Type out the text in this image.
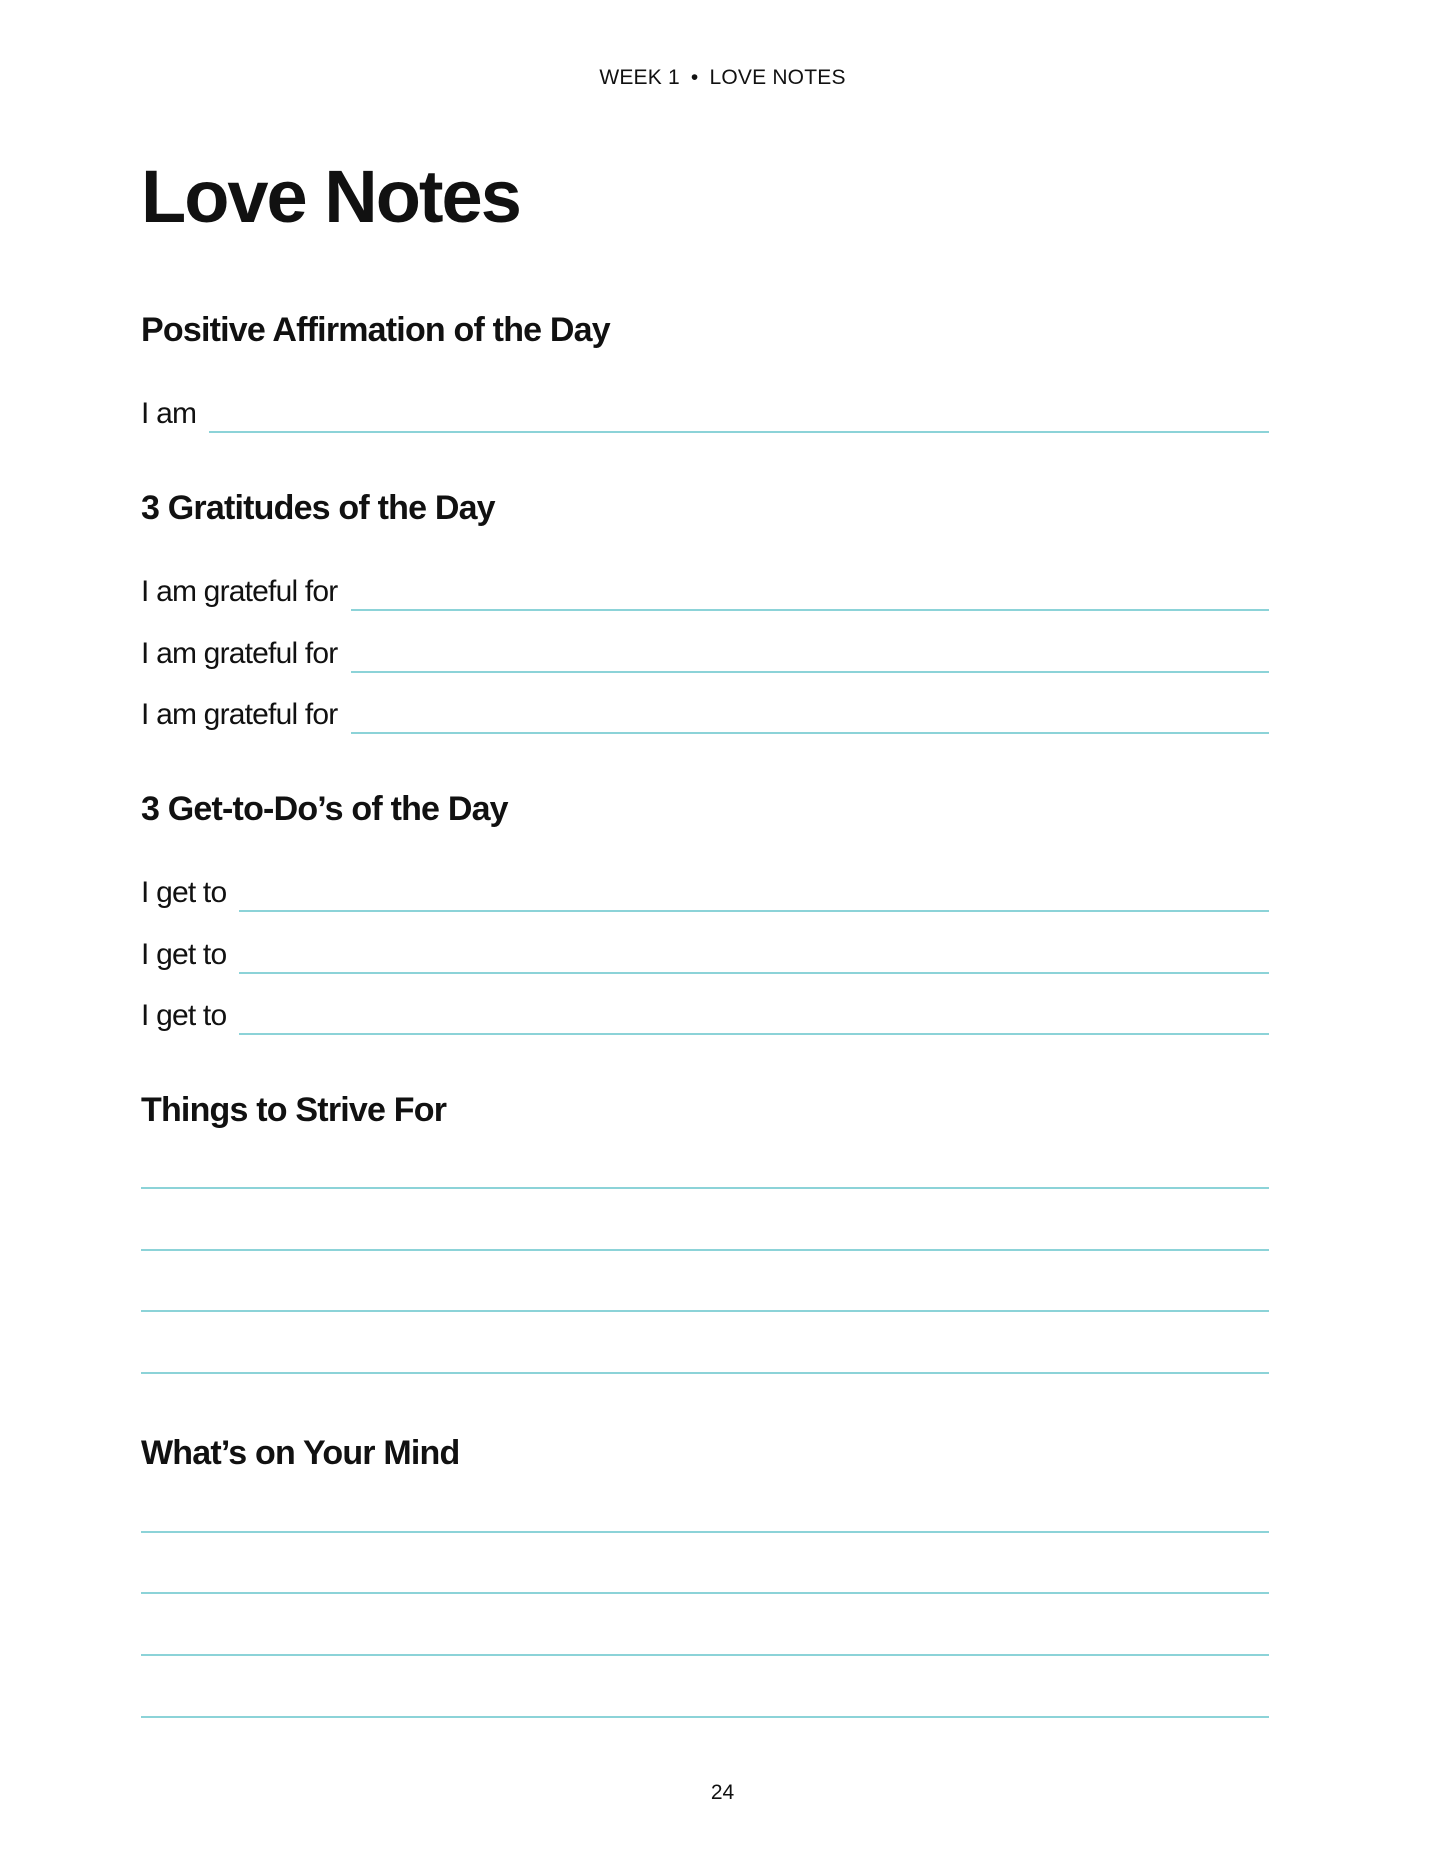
WEEK 1 • LOVE NOTES
Love Notes
Positive Affirmation of the Day
I am
3 Gratitudes of the Day
I am grateful for
I am grateful for
I am grateful for
3 Get-to-Do’s of the Day
I get to
I get to
I get to
Things to Strive For
What’s on Your Mind
24
